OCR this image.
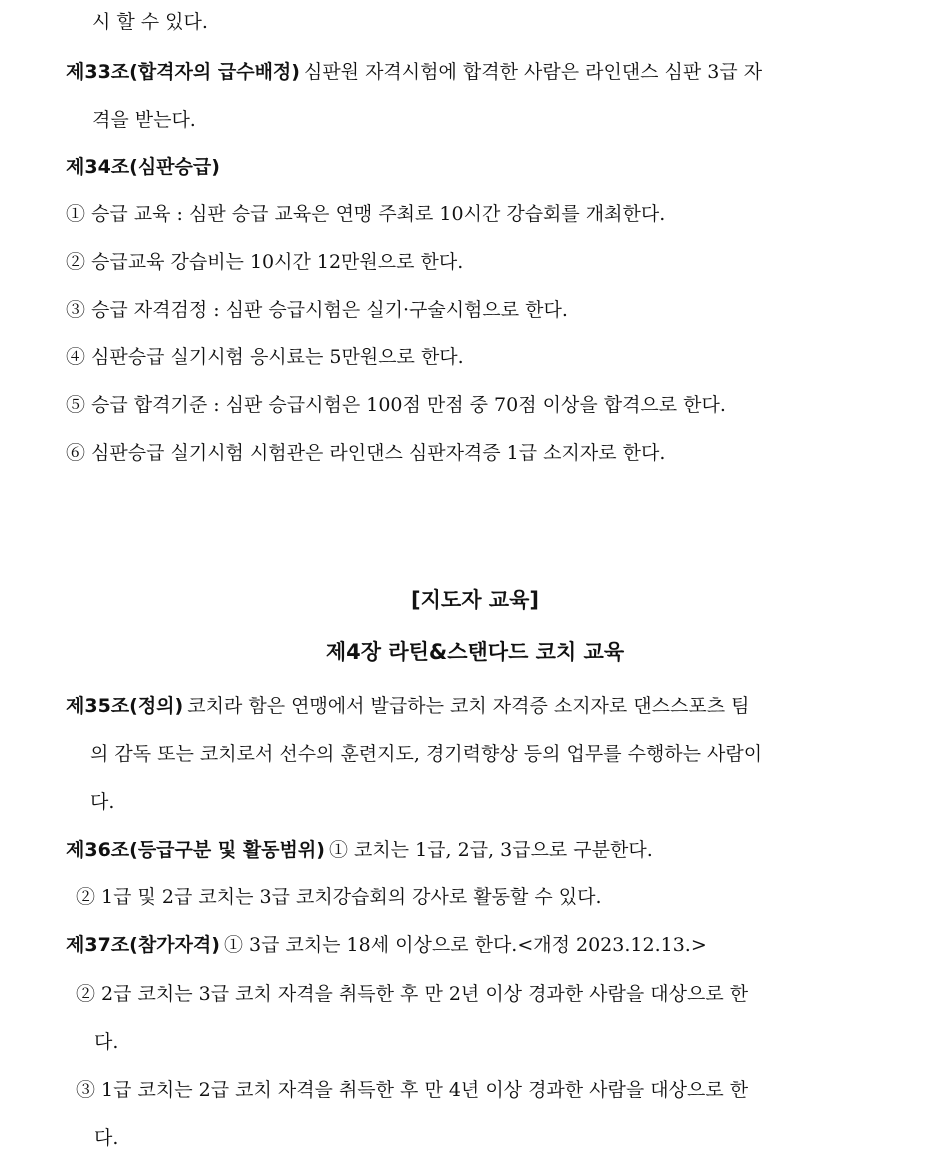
시 할 수 있다.
제33조(합격자의 급수배정) 심판원 자격시험에 합격한 사람은 라인댄스 심판 3급 자
격을 받는다.
제34조(심판승급)
① 승급 교육 : 심판 승급 교육은 연맹 주최로 10시간 강습회를 개최한다.
② 승급교육 강습비는 10시간 12만원으로 한다.
③ 승급 자격검정 : 심판 승급시험은 실기·구술시험으로 한다.
④ 심판승급 실기시험 응시료는 5만원으로 한다.
⑤ 승급 합격기준 : 심판 승급시험은 100점 만점 중 70점 이상을 합격으로 한다.
⑥ 심판승급 실기시험 시험관은 라인댄스 심판자격증 1급 소지자로 한다.
[지도자 교육]
제4장 라틴&스탠다드 코치 교육
제35조(정의) 코치라 함은 연맹에서 발급하는 코치 자격증 소지자로 댄스스포츠 팀
의 감독 또는 코치로서 선수의 훈련지도, 경기력향상 등의 업무를 수행하는 사람이
다.
제36조(등급구분 및 활동범위) ① 코치는 1급, 2급, 3급으로 구분한다.
② 1급 및 2급 코치는 3급 코치강습회의 강사로 활동할 수 있다.
제37조(참가자격) ① 3급 코치는 18세 이상으로 한다.<개정 2023.12.13.>
② 2급 코치는 3급 코치 자격을 취득한 후 만 2년 이상 경과한 사람을 대상으로 한
다.
③ 1급 코치는 2급 코치 자격을 취득한 후 만 4년 이상 경과한 사람을 대상으로 한
다.
